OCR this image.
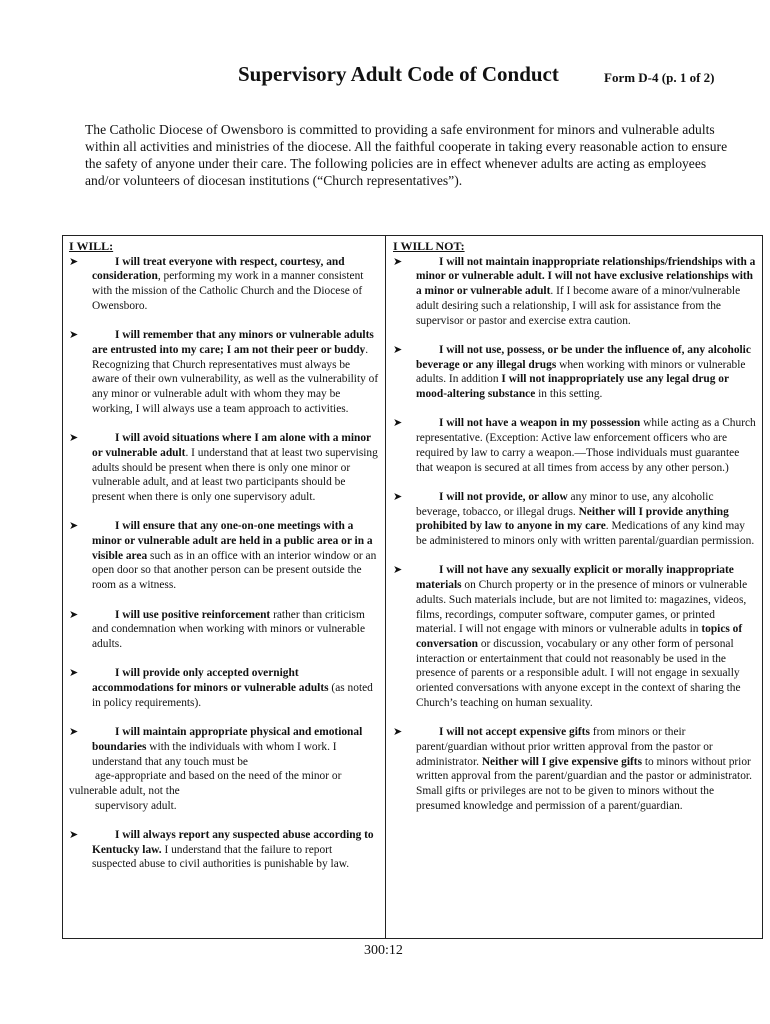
Supervisory Adult Code of Conduct	Form D-4 (p. 1 of 2)
The Catholic Diocese of Owensboro is committed to providing a safe environment for minors and vulnerable adults within all activities and ministries of the diocese. All the faithful cooperate in taking every reasonable action to ensure the safety of anyone under their care. The following policies are in effect whenever adults are acting as employees and/or volunteers of diocesan institutions (“Church representatives”).
I WILL:
➤	I will treat everyone with respect, courtesy, and consideration, performing my work in a manner consistent with the mission of the Catholic Church and the Diocese of Owensboro.
➤	I will remember that any minors or vulnerable adults are entrusted into my care; I am not their peer or buddy. Recognizing that Church representatives must always be aware of their own vulnerability, as well as the vulnerability of any minor or vulnerable adult with whom they may be working, I will always use a team approach to activities.
➤	I will avoid situations where I am alone with a minor or vulnerable adult. I understand that at least two supervising adults should be present when there is only one minor or vulnerable adult, and at least two participants should be present when there is only one supervisory adult.
➤	I will ensure that any one-on-one meetings with a minor or vulnerable adult are held in a public area or in a visible area such as in an office with an interior window or an open door so that another person can be present outside the room as a witness.
➤	I will use positive reinforcement rather than criticism and condemnation when working with minors or vulnerable adults.
➤	I will provide only accepted overnight accommodations for minors or vulnerable adults (as noted in policy requirements).
➤	I will maintain appropriate physical and emotional boundaries with the individuals with whom I work. I understand that any touch must be
age-appropriate and based on the need of the minor or
vulnerable adult, not the
supervisory adult.
➤	I will always report any suspected abuse according to Kentucky law. I understand that the failure to report suspected abuse to civil authorities is punishable by law.
I WILL NOT:
➤	I will not maintain inappropriate relationships/friendships with a minor or vulnerable adult. I will not have exclusive relationships with a minor or vulnerable adult. If I become aware of a minor/vulnerable adult desiring such a relationship, I will ask for assistance from the supervisor or pastor and exercise extra caution.
➤	I will not use, possess, or be under the influence of, any alcoholic beverage or any illegal drugs when working with minors or vulnerable adults. In addition I will not inappropriately use any legal drug or mood-altering substance in this setting.
➤	I will not have a weapon in my possession while acting as a Church representative. (Exception: Active law enforcement officers who are required by law to carry a weapon.—Those individuals must guarantee that weapon is secured at all times from access by any other person.)
➤	I will not provide, or allow any minor to use, any alcoholic beverage, tobacco, or illegal drugs. Neither will I provide anything prohibited by law to anyone in my care. Medications of any kind may be administered to minors only with written parental/guardian permission.
➤	I will not have any sexually explicit or morally inappropriate materials on Church property or in the presence of minors or vulnerable adults. Such materials include, but are not limited to: magazines, videos, films, recordings, computer software, computer games, or printed material. I will not engage with minors or vulnerable adults in topics of conversation or discussion, vocabulary or any other form of personal interaction or entertainment that could not reasonably be used in the presence of parents or a responsible adult. I will not engage in sexually oriented conversations with anyone except in the context of sharing the Church’s teaching on human sexuality.
➤	I will not accept expensive gifts from minors or their parent/guardian without prior written approval from the pastor or administrator. Neither will I give expensive gifts to minors without prior written approval from the parent/guardian and the pastor or administrator. Small gifts or privileges are not to be given to minors without the presumed knowledge and permission of a parent/guardian.
300:12
